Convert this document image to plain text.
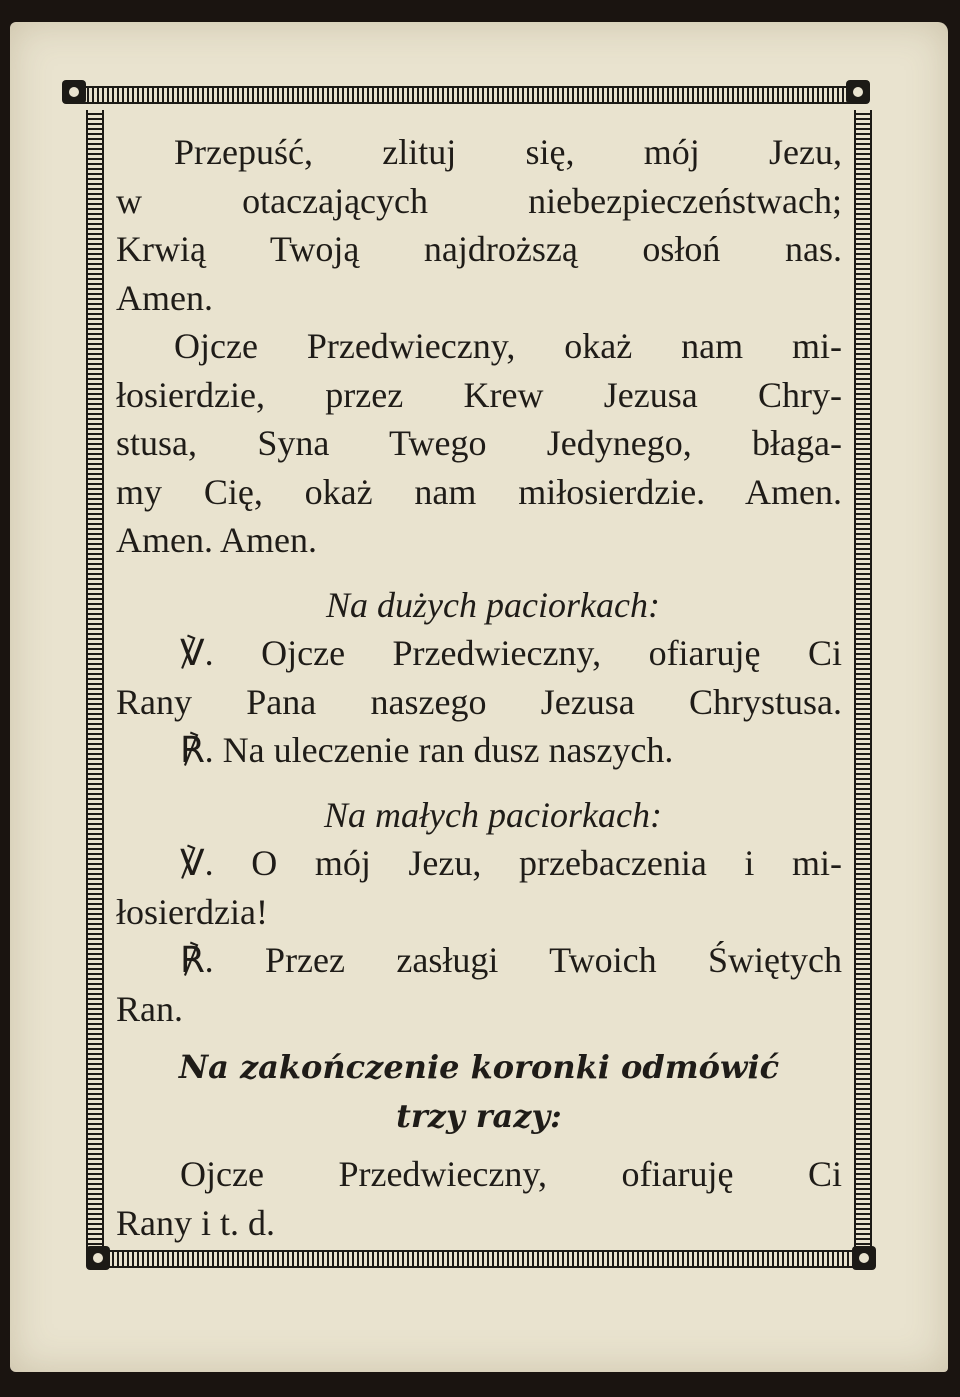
Przepuść, zlituj się, mój Jezu,
w otaczających niebezpieczeństwach;
Krwią Twoją najdroższą osłoń nas.
Amen.
Ojcze Przedwieczny, okaż nam mi-
łosierdzie, przez Krew Jezusa Chry-
stusa, Syna Twego Jedynego, błaga-
my Cię, okaż nam miłosierdzie. Amen.
Amen. Amen.
Na dużych paciorkach:
℣. Ojcze Przedwieczny, ofiaruję Ci
Rany Pana naszego Jezusa Chrystusa.
℟. Na uleczenie ran dusz naszych.
Na małych paciorkach:
℣. O mój Jezu, przebaczenia i mi-
łosierdzia!
℟. Przez zasługi Twoich Świętych
Ran.
Na zakończenie koronki odmówić
trzy razy:
Ojcze Przedwieczny, ofiaruję Ci
Rany i t. d.
